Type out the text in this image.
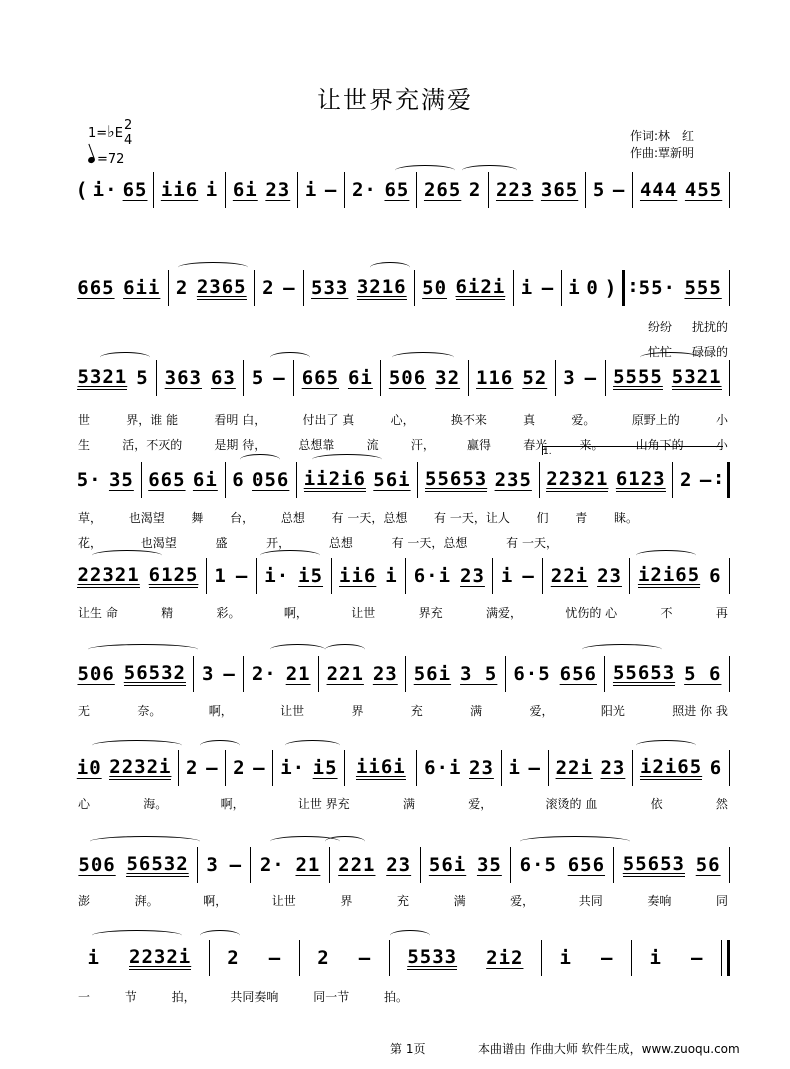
让世界充满爱
1=♭E
2
4
=72
作词:林　红
作曲:覃新明
( i· 65 iі6 i 6i 23 i – 2· 65 265 2 223 365 5 – 444 455
665 6ii 2 2365 2 – 533 3216 50 6i2i i – i 0 )
: 55· 555
5321 5 363 63 5 – 665 6i 506 32 116 52 3 – 5555 5321
5· 35 665 6i 6 056 ii2i6 56i 55653 235 22321 6123 2 –
:
22321 6125 1 – i· i5 ii6 i 6·i 23 i – 22i 23 i2i65 6
506 56532 3 – 2· 21 221 23 56i 3 5 6·5 656 55653 5 6
i0 2232i 2 – 2 – i· i5 ii6i 6·i 23 i – 22i 23 i2i65 6
506 56532 3 – 2· 21 221 23 56i 35 6·5 656 55653 56
i 2232i 2 – 2 – 5533 2i2 i – i –
纷纷 扰扰的
忙忙 碌碌的
世	界，谁 能	看明 白，	付出了 真	心，	换不来	真	爱。	原野上的	小
生	活，不灭的	是期 待，	总想靠	流	汗，	赢得	春光	来。	山角下的	小
草， 也渴望 舞 台， 总想 有 一天，总想 有 一天，让人 们 青 睐。
花，	也渴望	盛	开，	总想	有 一天，总想	有 一天，
让生 命	精	彩。	啊，	让世	界充	满爱，	忧伤的 心	不	再
无	奈。	啊，	让世	界	充	满	爱，	阳光	照进 你 我
心	海。	啊，	让世 界充	满	爱，	滚烫的 血	依	然
澎	湃。	啊，	让世	界	充	满	爱，	共同	奏响	同
一	节	拍，	共同奏响	同一节	拍。
1.
第 1页	本曲谱由 作曲大师 软件生成，www.zuoqu.com
